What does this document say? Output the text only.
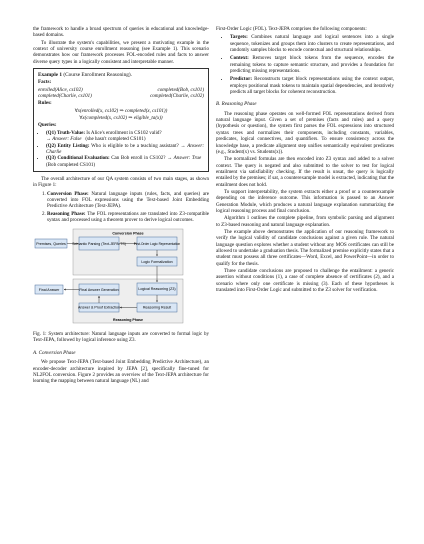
the framework to handle a broad spectrum of queries in educational and knowledge-based domains.

To illustrate the system's capabilities, we present a motivating example in the context of university course enrollment reasoning (see Example 1). This scenario demonstrates how our framework processes FOL-encoded rules and facts to answer diverse query types in a logically consistent and interpretable manner.

Example 1 (Course Enrollment Reasoning).
Facts:
enrolled(Alice, cs102)	completed(Bob, cs101)
completed(Charlie, cs101)	completed(Charlie, cs102)
Rules:
∀x(enrolled(x, cs102) ⇒ completed(x, cs101))
∀x(completed(x, cs102) ⇒ eligible_ta(x))
Queries:
• (Q1) Truth-Value: Is Alice's enrollment in CS102 valid?
→ Answer: False (she hasn't completed CS101)
• (Q2) Entity Listing: Who is eligible to be a teaching assistant? → Answer: Charlie
• (Q3) Conditional Evaluation: Can Bob enroll in CS102? → Answer: True   (Bob completed CS101)

The overall architecture of our QA system consists of two main stages, as shown in Figure 1:

1. Conversion Phase: Natural language inputs (rules, facts, and queries) are converted into FOL expressions using the Text-based Joint Embedding Predictive Architecture (Text-JEPA).
2. Reasoning Phase: The FOL representations are translated into Z3-compatible syntax and processed using a theorem prover to derive logical outcomes.
Conversion Phase
Reasoning Phase
Premises, Queries Semantic Parsing (Text-JEPA-TS) First-Order Logic Representation
Logic Formalization
Final Answer	Final Answer Generation	Logical Reasoning (Z3)
Answer & Proof Extraction	Reasoning Result
Fig. 1: System architecture: Natural language inputs are converted to formal logic by Text-JEPA, followed by logical inference using Z3.

A. Conversion Phase

We propose Text-JEPA (Text-based Joint Embedding Predictive Architecture), an encoder-decoder architecture inspired by JEPA [2], specifically fine-tuned for NL2FOL conversion. Figure 2 provides an overview of the Text-JEPA architecture for learning the mapping between natural language (NL) and

First-Order Logic (FOL). Text-JEPA comprises the following components:

• Targets: Combines natural language and logical sentences into a single sequence, tokenizes and groups them into clusters to create representations, and randomly samples blocks to encode contextual and structural relationships.
• Context: Removes target block tokens from the sequence, encodes the remaining tokens to capture semantic structure, and provides a foundation for predicting missing representations.
• Predictor: Reconstructs target block representations using the context output, employs positional mask tokens to maintain spatial dependencies, and iteratively predicts all target blocks for coherent reconstruction.

B. Reasoning Phase

The reasoning phase operates on well-formed FOL representations derived from natural language input. Given a set of premises (facts and rules) and a query (hypothesis or question), the system first parses the FOL expressions into structured syntax trees and normalizes their components, including constants, variables, predicates, logical connectives, and quantifiers. To ensure consistency across the knowledge base, a predicate alignment step unifies semantically equivalent predicates (e.g., Student(x) vs. Students(x)).

The normalized formulas are then encoded into Z3 syntax and added to a solver context. The query is negated and also submitted to the solver to test for logical entailment via satisfiability checking. If the result is unsat, the query is logically entailed by the premises; if sat, a counterexample model is extracted, indicating that the entailment does not hold.

To support interpretability, the system extracts either a proof or a counterexample depending on the inference outcome. This information is passed to an Answer Generation Module, which produces a natural language explanation summarizing the logical reasoning process and final conclusion.

Algorithm 1 outlines the complete pipeline, from symbolic parsing and alignment to Z3-based reasoning and natural language explanation.

The example above demonstrates the application of our reasoning framework to verify the logical validity of candidate conclusions against a given rule. The natural language question explores whether a student without any MOS certificates can still be allowed to undertake a graduation thesis. The formalized premise explicitly states that a student must possess all three certificates—Word, Excel, and PowerPoint—in order to qualify for the thesis.

Three candidate conclusions are proposed to challenge the entailment: a generic assertion without conditions (1), a case of complete absence of certificates (2), and a scenario where only one certificate is missing (3). Each of these hypotheses is translated into First-Order Logic and submitted to the Z3 solver for verification.
